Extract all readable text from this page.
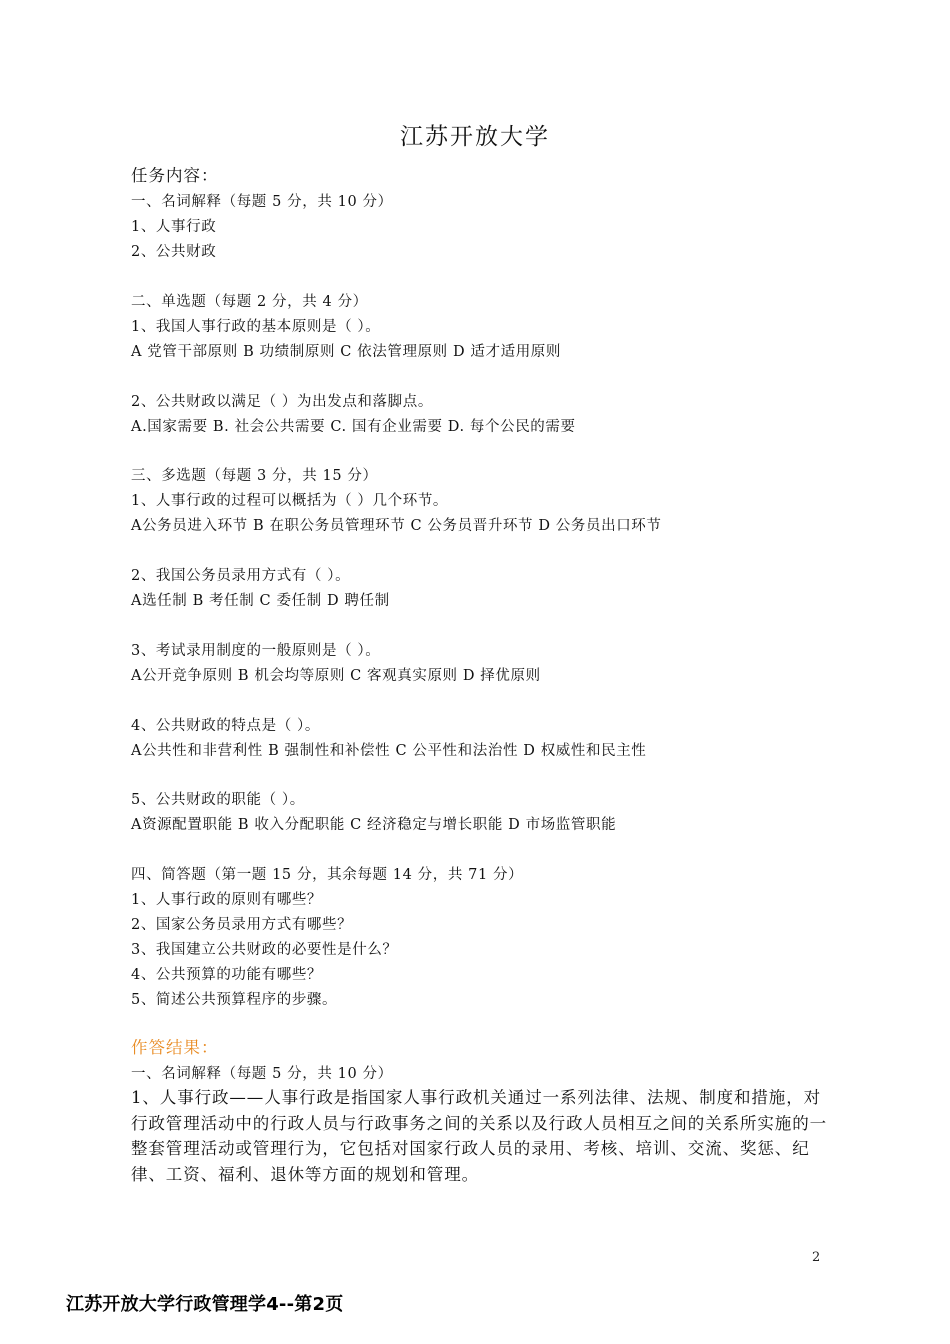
江苏开放大学
任务内容：
一、名词解释（每题 5 分，共 10 分）
1、人事行政
2、公共财政
二、单选题（每题 2 分，共 4 分）
1、我国人事行政的基本原则是（ ）。
A 党管干部原则 B 功绩制原则 C 依法管理原则 D 适才适用原则
2、公共财政以满足（ ）为出发点和落脚点。
A.国家需要 B. 社会公共需要 C. 国有企业需要 D. 每个公民的需要
三、多选题（每题 3 分，共 15 分）
1、人事行政的过程可以概括为（ ）几个环节。
A公务员进入环节 B 在职公务员管理环节 C 公务员晋升环节 D 公务员出口环节
2、我国公务员录用方式有（ ）。
A选任制 B 考任制 C 委任制 D 聘任制
3、考试录用制度的一般原则是（ ）。
A公开竞争原则 B 机会均等原则 C 客观真实原则 D 择优原则
4、公共财政的特点是（ ）。
A公共性和非营利性 B 强制性和补偿性 C 公平性和法治性 D 权威性和民主性
5、公共财政的职能（ ）。
A资源配置职能 B 收入分配职能 C 经济稳定与增长职能 D 市场监管职能
四、简答题（第一题 15 分，其余每题 14 分，共 71 分）
1、人事行政的原则有哪些？
2、国家公务员录用方式有哪些？
3、我国建立公共财政的必要性是什么？
4、公共预算的功能有哪些？
5、简述公共预算程序的步骤。
作答结果：
一、名词解释（每题 5 分，共 10 分）

1、人事行政——人事行政是指国家人事行政机关通过一系列法律、法规、制度和措施，对行政管理活动中的行政人员与行政事务之间的关系以及行政人员相互之间的关系所实施的一整套管理活动或管理行为，它包括对国家行政人员的录用、考核、培训、交流、奖惩、纪律、工资、福利、退休等方面的规划和管理。

2
江苏开放大学行政管理学4--第2页
